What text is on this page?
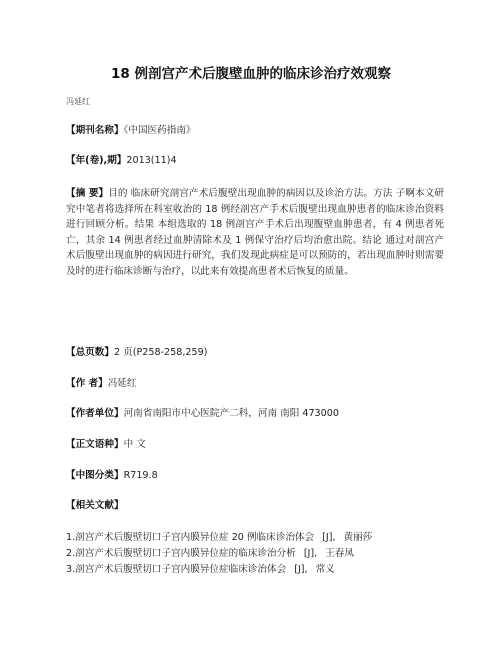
18 例剖宫产术后腹壁血肿的临床诊治疗效观察
冯延红
【期刊名称】《中国医药指南》
【年(卷),期】2013(11)4
【摘 要】目的 临床研究剖宫产术后腹壁出现血肿的病因以及诊治方法。方法 子啊本文研究中笔者将选择所在科室收治的 18 例经剖宫产手术后腹壁出现血肿患者的临床诊治资料进行回顾分析。结果 本组选取的 18 例剖宫产手术后出现腹壁血肿患者，有 4 例患者死亡，其余 14 例患者经过血肿清除术及 1 例保守治疗后均治愈出院。结论 通过对剖宫产术后腹壁出现血肿的病因进行研究，我们发现此病症是可以预防的，若出现血肿时则需要及时的进行临床诊断与治疗，以此来有效提高患者术后恢复的质量。
【总页数】2 页(P258-258,259)
【作 者】冯延红
【作者单位】河南省南阳市中心医院产二科，河南 南阳 473000
【正文语种】中 文
【中图分类】R719.8
【相关文献】
1.剖宫产术后腹壁切口子宫内膜异位症 20 例临床诊治体会 [J], 黄丽莎
2.剖宫产术后腹壁切口子宫内膜异位症的临床诊治分析 [J], 王春凤
3.剖宫产术后腹壁切口子宫内膜异位症临床诊治体会 [J], 常义
